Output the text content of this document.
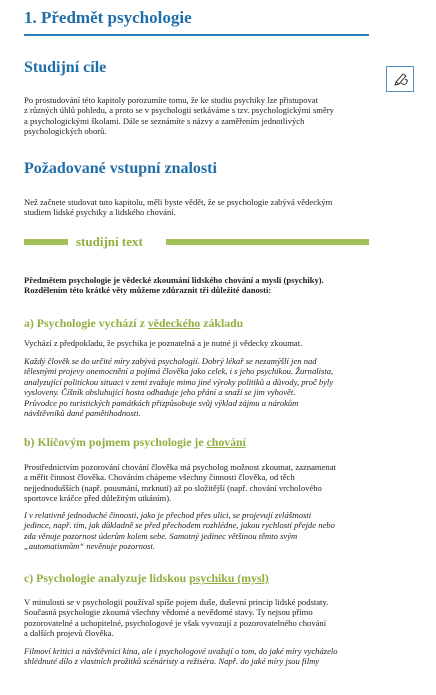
1. Předmět psychologie
Studijní cíle
Po prostudování této kapitoly porozumíte tomu, že ke studiu psychiky lze přistupovat
z různých úhlů pohledu, a proto se v psychologii setkáváme s tzv. psychologickými směry
a psychologickými školami. Dále se seznámíte s názvy a zaměřením jednotlivých
psychologických oborů.
Požadované vstupní znalosti
Než začnete studovat tuto kapitolu, měli byste vědět, že se psychologie zabývá vědeckým
studiem lidské psychiky a lidského chování.
studijní text
Předmětem psychologie je vědecké zkoumání lidského chování a mysli (psychiky).
Rozdělením této krátké věty můžeme zdůraznit tři důležité danosti:
a) Psychologie vychází z vědeckého základu
Vychází z předpokladu, že psychika je poznatelná a je nutné ji vědecky zkoumat.
Každý člověk se do určité míry zabývá psychologií. Dobrý lékař se nezamýšlí jen nad
tělesnými projevy onemocnění a pojímá člověka jako celek, i s jeho psychikou. Žurnalista,
analyzující politickou situaci v zemi zvažuje mimo jiné výroky politiků a důvody, proč byly
vysloveny. Číšník obsluhující hosta odhaduje jeho přání a snaží se jim vyhovět.
Průvodce po turistických památkách přizpůsobuje svůj výklad zájmu a nárokům
návštěvníků dané pamětihodnosti.
b) Klíčovým pojmem psychologie je chování
Prostřednictvím pozorování chování člověka má psycholog možnost zkoumat, zaznamenat
a měřit činnost člověka. Chováním chápeme všechny činnosti člověka, od těch
nejjednodušších (např. pousmání, mrknutí) až po složitější (např. chování vrcholového
sportovce kráčce před důležitým utkáním).
I v relativně jednoduché činnosti, jako je přechod přes ulici, se projevují zvláštnosti
jedince, např. tím, jak důkladně se před přechodem rozhlédne, jakou rychlostí přejde nebo
zda věnuje pozornost úderům kolem sebe. Samotný jedinec většinou těmto svým
„automatismům“ nevěnuje pozornost.
c) Psychologie analyzuje lidskou psychiku (mysl)
V minulosti se v psychologii používal spíše pojem duše, duševní princip lidské podstaty.
Současná psychologie zkoumá všechny vědomé a nevědomé stavy. Ty nejsou přímo
pozorovatelné a uchopitelné, psychologové je však vyvozují z pozorovatelného chování
a dalších projevů člověka.
Filmoví kritici a návštěvníci kina, ale i psychologové uvažují o tom, do jaké míry vycházelo
shlédnuté dílo z vlastních prožitků scénáristy a režiséra. Např. do jaké míry jsou filmy
